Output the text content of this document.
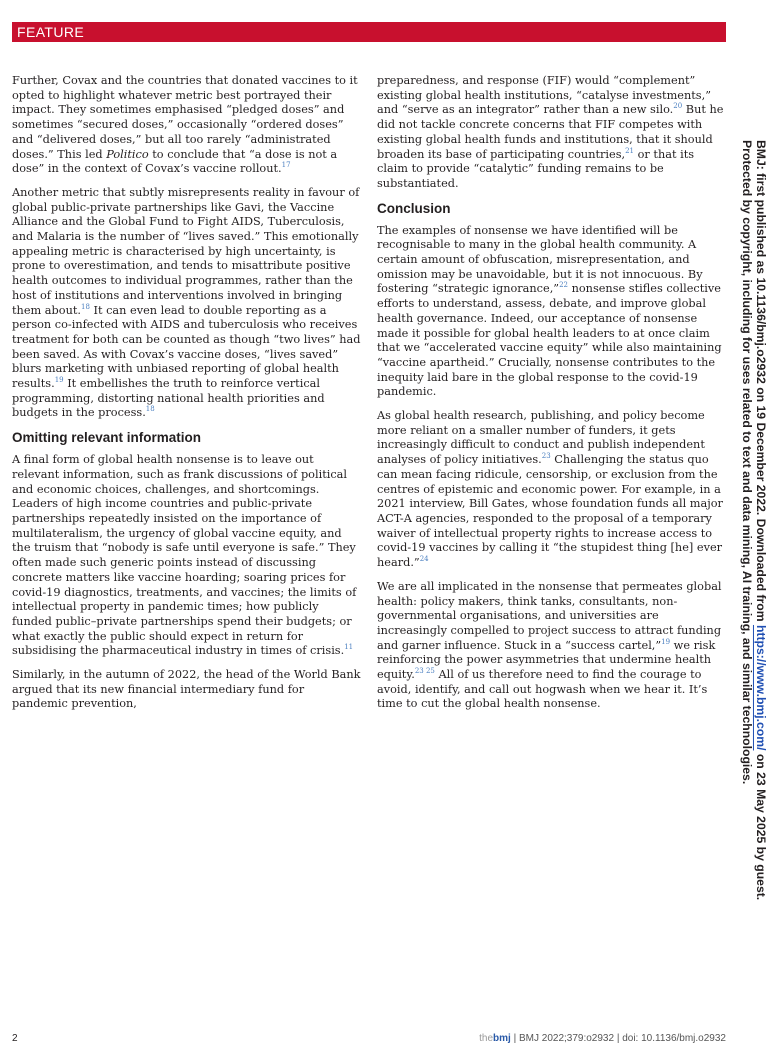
FEATURE

Further, Covax and the countries that donated vaccines to it opted to highlight whatever metric best portrayed their impact. They sometimes emphasised “pledged doses” and sometimes “secured doses,” occasionally “ordered doses” and “delivered doses,” but all too rarely “administrated doses.” This led Politico to conclude that “a dose is not a dose” in the context of Covax’s vaccine rollout.$^{17}$

Another metric that subtly misrepresents reality in favour of global public-private partnerships like Gavi, the Vaccine Alliance and the Global Fund to Fight AIDS, Tuberculosis, and Malaria is the number of “lives saved.” This emotionally appealing metric is characterised by high uncertainty, is prone to overestimation, and tends to misattribute positive health outcomes to individual programmes, rather than the host of institutions and interventions involved in bringing them about.$^{18}$ It can even lead to double reporting as a person co-infected with AIDS and tuberculosis who receives treatment for both can be counted as though “two lives” had been saved. As with Covax’s vaccine doses, “lives saved” blurs marketing with unbiased reporting of global health results.$^{19}$ It embellishes the truth to reinforce vertical programming, distorting national health priorities and budgets in the process.$^{18}$

Omitting relevant information

A final form of global health nonsense is to leave out relevant information, such as frank discussions of political and economic choices, challenges, and shortcomings. Leaders of high income countries and public-private partnerships repeatedly insisted on the importance of multilateralism, the urgency of global vaccine equity, and the truism that “nobody is safe until everyone is safe.” They often made such generic points instead of discussing concrete matters like vaccine hoarding; soaring prices for covid-19 diagnostics, treatments, and vaccines; the limits of intellectual property in pandemic times; how publicly funded public–private partnerships spend their budgets; or what exactly the public should expect in return for subsidising the pharmaceutical industry in times of crisis.$^{11}$

Similarly, in the autumn of 2022, the head of the World Bank argued that its new financial intermediary fund for pandemic prevention,

preparedness, and response (FIF) would “complement” existing global health institutions, “catalyse investments,” and “serve as an integrator” rather than a new silo.$^{20}$ But he did not tackle concrete concerns that FIF competes with existing global health funds and institutions, that it should broaden its base of participating countries,$^{21}$ or that its claim to provide “catalytic” funding remains to be substantiated.

Conclusion

The examples of nonsense we have identified will be recognisable to many in the global health community. A certain amount of obfuscation, misrepresentation, and omission may be unavoidable, but it is not innocuous. By fostering “strategic ignorance,”$^{22}$ nonsense stifles collective efforts to understand, assess, debate, and improve global health governance. Indeed, our acceptance of nonsense made it possible for global health leaders to at once claim that we “accelerated vaccine equity” while also maintaining “vaccine apartheid.” Crucially, nonsense contributes to the inequity laid bare in the global response to the covid-19 pandemic.

As global health research, publishing, and policy become more reliant on a smaller number of funders, it gets increasingly difficult to conduct and publish independent analyses of policy initiatives.$^{23}$ Challenging the status quo can mean facing ridicule, censorship, or exclusion from the centres of epistemic and economic power. For example, in a 2021 interview, Bill Gates, whose foundation funds all major ACT-A agencies, responded to the proposal of a temporary waiver of intellectual property rights to increase access to covid-19 vaccines by calling it “the stupidest thing [he] ever heard.”$^{24}$

We are all implicated in the nonsense that permeates global health: policy makers, think tanks, consultants, non-governmental organisations, and universities are increasingly compelled to project success to attract funding and garner influence. Stuck in a “success cartel,”$^{19}$ we risk reinforcing the power asymmetries that undermine health equity.$^{23 25}$ All of us therefore need to find the courage to avoid, identify, and call out hogwash when we hear it. It’s time to cut the global health nonsense.

BMJ: first published as 10.1136/bmj.o2932 on 19 December 2022. Downloaded from https://www.bmj.com/ on 23 May 2025 by guest.
Protected by copyright, including for uses related to text and data mining, AI training, and similar technologies.
2	thebmj | BMJ 2022;379:o2932 | doi: 10.1136/bmj.o2932
